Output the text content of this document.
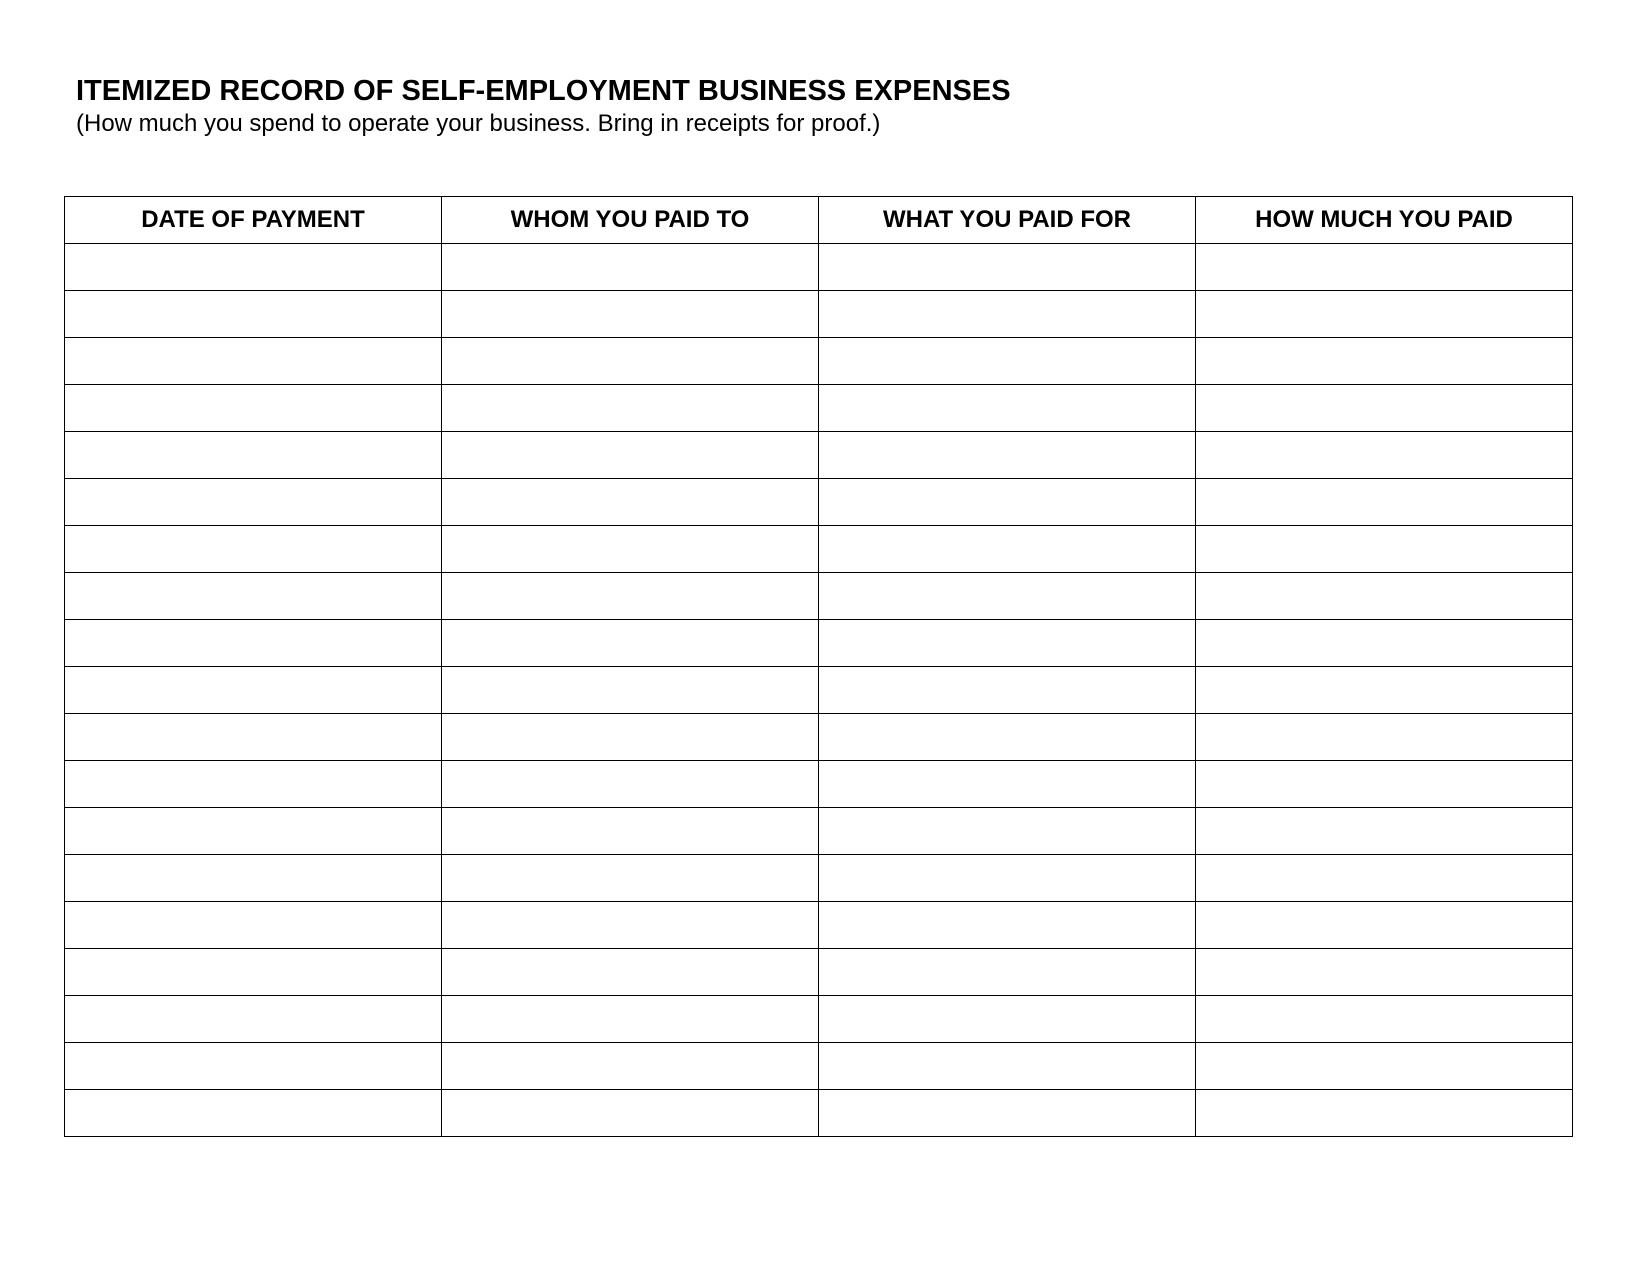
ITEMIZED RECORD OF SELF-EMPLOYMENT BUSINESS EXPENSES
(How much you spend to operate your business. Bring in receipts for proof.)
DATE OF PAYMENT	WHOM YOU PAID TO	WHAT YOU PAID FOR	HOW MUCH YOU PAID
